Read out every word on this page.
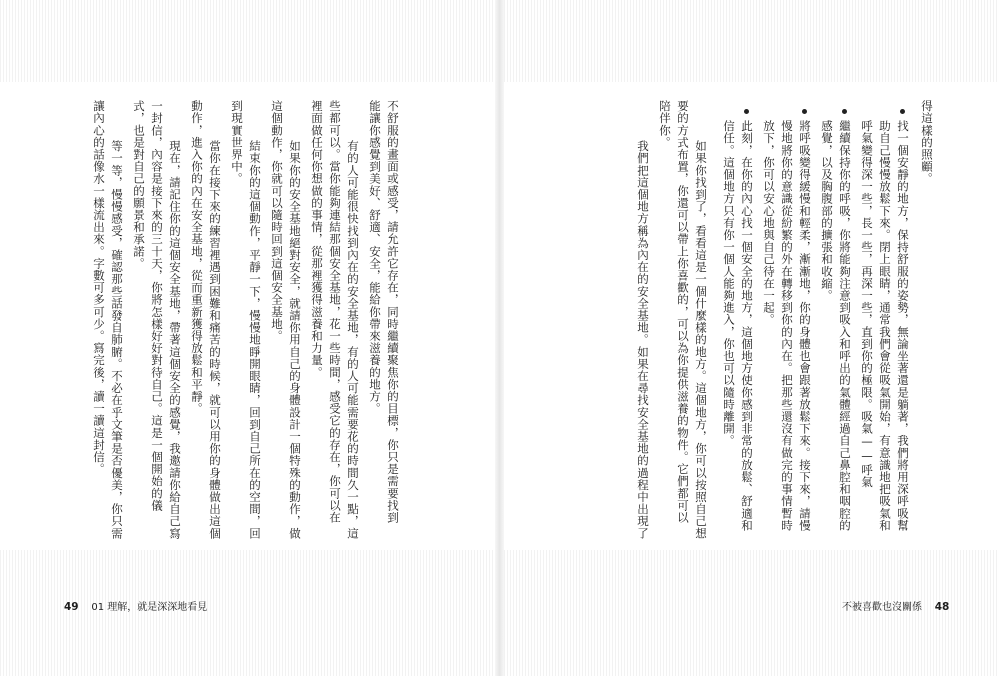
不舒服的畫面或感受，請允許它存在，同時繼續聚焦你的目標，你只是需要找到
能讓你感覺到美好、舒適、安全，能給你帶來滋養的地方。
有的人可能很快找到內在的安全基地，有的人可能需要花的時間久一點，這
些都可以。當你能夠連結那個安全基地，花一些時間，感受它的存在，你可以在
裡面做任何你想做的事情，從那裡獲得滋養和力量。
如果你的安全基地絕對安全，就請你用自己的身體設計一個特殊的動作，做
這個動作，你就可以隨時回到這個安全基地。
結束你的這個動作，平靜一下，慢慢地睜開眼睛，回到自己所在的空間，回
到現實世界中。
當你在接下來的練習裡遇到困難和痛苦的時候，就可以用你的身體做出這個
動作，進入你的內在安全基地，從而重新獲得放鬆和平靜。
現在，請記住你的這個安全基地，帶著這個安全的感覺，我邀請你給自己寫
一封信，內容是接下來的三十天，你將怎樣好好對待自己。這是一個開始的儀
式，也是對自己的願景和承諾。
等一等，慢慢感受，確認那些話發自肺腑。不必在乎文筆是否優美，你只需
讓內心的話像水一樣流出來。字數可多可少。寫完後，讀一讀這封信。	得這樣的照顧。
找一個安靜的地方，保持舒服的姿勢，無論坐著還是躺著，我們將用深呼吸幫
助自己慢慢放鬆下來。閉上眼睛，通常我們會從吸氣開始，有意識地把吸氣和
呼氣變得深一些，長一些，再深一些，直到你的極限。吸氣——呼氣
繼續保持你的呼吸，你將能夠注意到吸入和呼出的氣體經過自己鼻腔和咽腔的
感覺，以及胸腹部的擴張和收縮。
將呼吸變得緩慢和輕柔，漸漸地，你的身體也會跟著放鬆下來。接下來，請慢
慢地將你的意識從紛繁的外在轉移到你的內在。把那些還沒有做完的事情暫時
放下，你可以安心地與自己待在一起。
此刻，在你的內心找一個安全的地方，這個地方使你感到非常的放鬆、舒適和
信任。這個地方只有你一個人能夠進入，你也可以隨時離開。
如果你找到了，看看這是一個什麼樣的地方。這個地方，你可以按照自己想
要的方式布置，你還可以帶上你喜歡的，可以為你提供滋養的物件。它們都可以
陪伴你。
我們把這個地方稱為內在的安全基地。如果在尋找安全基地的過程中出現了
49 01 理解，就是深深地看見	不被喜歡也沒關係 48
